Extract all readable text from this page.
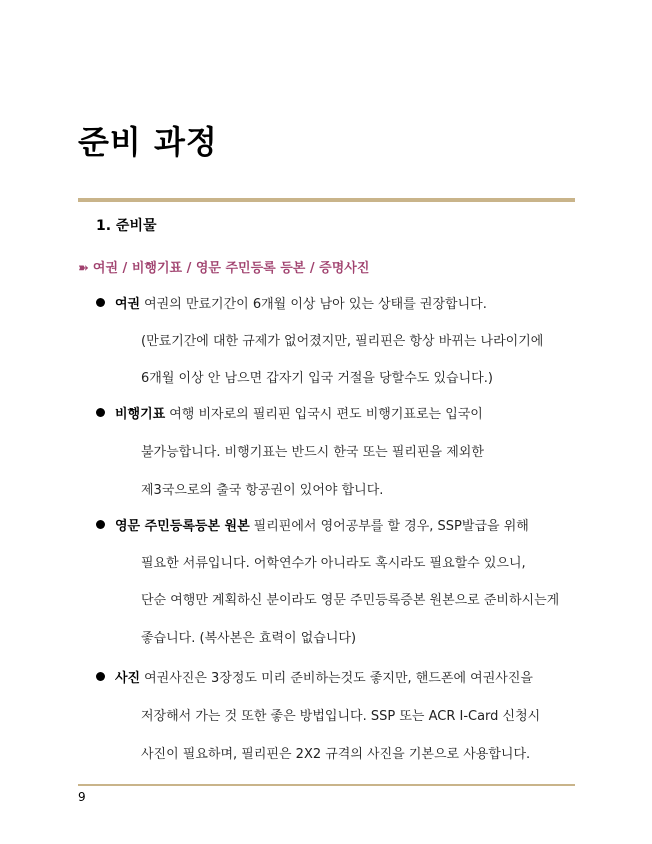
준비 과정
1. 준비물
➽ 여권 / 비행기표 / 영문 주민등록 등본 / 증명사진
여권 여권의 만료기간이 6개월 이상 남아 있는 상태를 권장합니다.
(만료기간에 대한 규제가 없어졌지만, 필리핀은 항상 바뀌는 나라이기에
6개월 이상 안 남으면 갑자기 입국 거절을 당할수도 있습니다.)
비행기표 여행 비자로의 필리핀 입국시 편도 비행기표로는 입국이
불가능합니다. 비행기표는 반드시 한국 또는 필리핀을 제외한
제3국으로의 출국 항공권이 있어야 합니다.
영문 주민등록등본 원본 필리핀에서 영어공부를 할 경우, SSP발급을 위해
필요한 서류입니다. 어학연수가 아니라도 혹시라도 필요할수 있으니,
단순 여행만 계획하신 분이라도 영문 주민등록증본 원본으로 준비하시는게
좋습니다. (복사본은 효력이 없습니다)
사진 여권사진은 3장정도 미리 준비하는것도 좋지만, 핸드폰에 여권사진을
저장해서 가는 것 또한 좋은 방법입니다. SSP 또는 ACR I-Card 신청시
사진이 필요하며, 필리핀은 2X2 규격의 사진을 기본으로 사용합니다.
9
